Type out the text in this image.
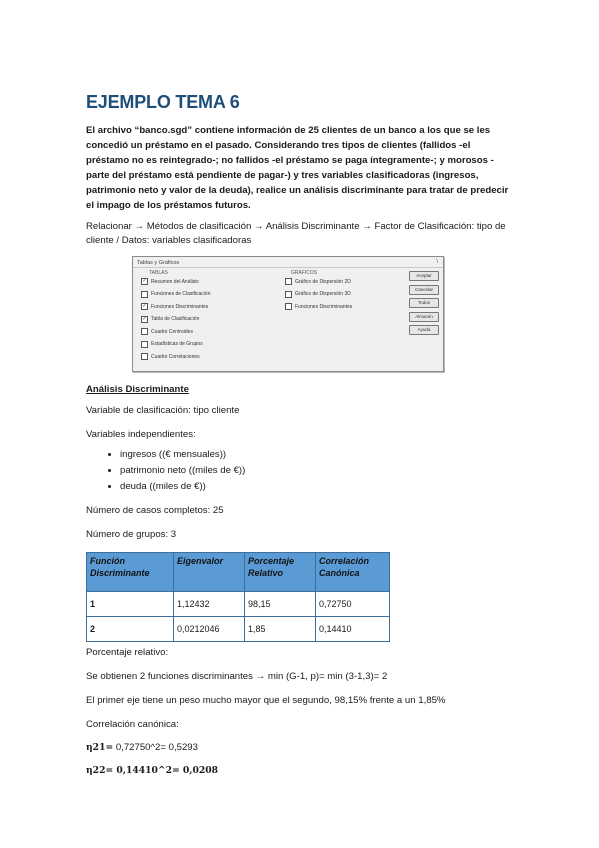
EJEMPLO TEMA 6

El archivo “banco.sgd” contiene información de 25 clientes de un banco a los que se les concedió un préstamo en el pasado. Considerando tres tipos de clientes (fallidos -el préstamo no es reintegrado-; no fallidos -el préstamo se paga íntegramente-; y morosos -parte del préstamo está pendiente de pagar-) y tres variables clasificadoras (ingresos, patrimonio neto y valor de la deuda), realice un análisis discriminante para tratar de predecir el impago de los préstamos futuros.

Relacionar → Métodos de clasificación → Análisis Discriminante → Factor de Clasificación: tipo de cliente / Datos: variables clasificadoras

Tablas y Gráficos	\
TABLAS	GRÁFICOS
✓ Resumen del Análisis
Funciones de Clasificación
✓ Funciones Discriminantes
✓ Tabla de Clasificación
Cuadro Centroides
Estadísticas de Grupos
Cuadro Correlaciones
Gráfico de Dispersión 2D
Gráfico de Dispersión 3D
Funciones Discriminantes
Aceptar
Cancelar
Todos
Almacén
Ayuda
Análisis Discriminante

Variable de clasificación: tipo cliente

Variables independientes:

• ingresos ((€ mensuales))
• patrimonio neto ((miles de €))
• deuda ((miles de €))

Número de casos completos: 25

Número de grupos: 3

Función Discriminante	Eigenvalor	Porcentaje Relativo	Correlación Canónica
1	1,12432	98,15	0,72750
2	0,0212046	1,85	0,14410

Porcentaje relativo:

Se obtienen 2 funciones discriminantes → min (G-1, p)= min (3-1,3)= 2

El primer eje tiene un peso mucho mayor que el segundo, 98,15% frente a un 1,85%

Correlación canónica:

η21= 0,72750^2= 0,5293

η22= 0,14410^2= 0,0208
